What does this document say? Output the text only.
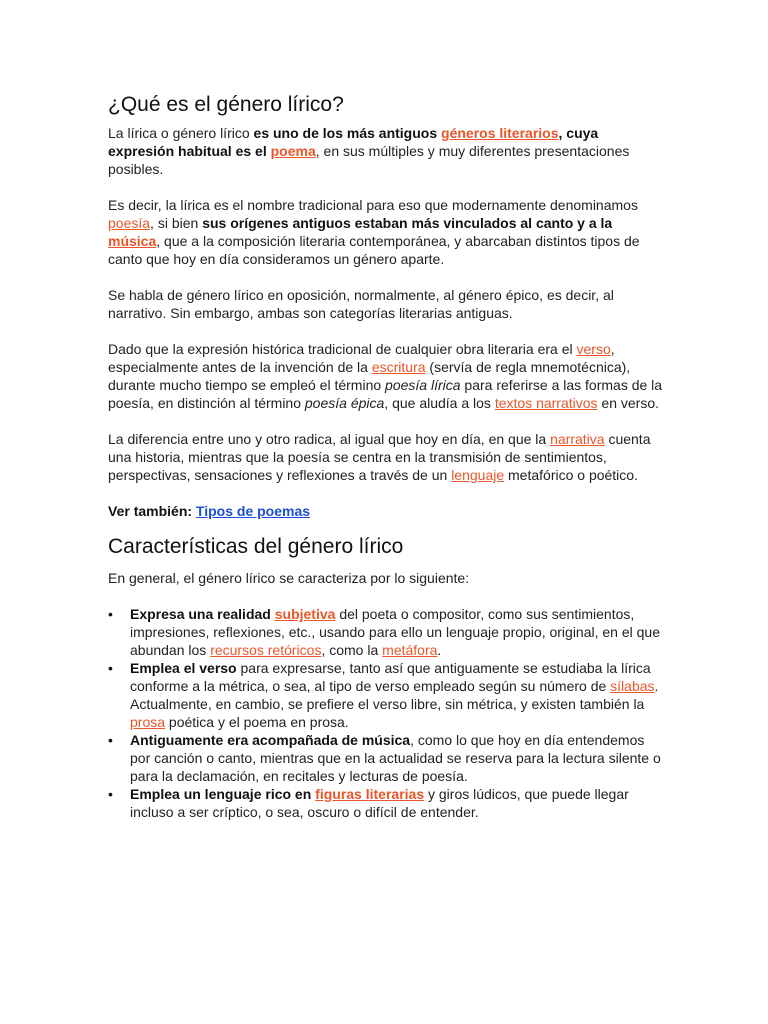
¿Qué es el género lírico?

La lírica o género lírico es uno de los más antiguos géneros literarios, cuya expresión habitual es el poema, en sus múltiples y muy diferentes presentaciones posibles.

Es decir, la lírica es el nombre tradicional para eso que modernamente denominamos poesía, si bien sus orígenes antiguos estaban más vinculados al canto y a la música, que a la composición literaria contemporánea, y abarcaban distintos tipos de canto que hoy en día consideramos un género aparte.

Se habla de género lírico en oposición, normalmente, al género épico, es decir, al narrativo. Sin embargo, ambas son categorías literarias antiguas.

Dado que la expresión histórica tradicional de cualquier obra literaria era el verso, especialmente antes de la invención de la escritura (servía de regla mnemotécnica), durante mucho tiempo se empleó el término poesía lírica para referirse a las formas de la poesía, en distinción al término poesía épica, que aludía a los textos narrativos en verso.

La diferencia entre uno y otro radica, al igual que hoy en día, en que la narrativa cuenta una historia, mientras que la poesía se centra en la transmisión de sentimientos, perspectivas, sensaciones y reflexiones a través de un lenguaje metafórico o poético.

Ver también: Tipos de poemas

Características del género lírico

En general, el género lírico se caracteriza por lo siguiente:

• Expresa una realidad subjetiva del poeta o compositor, como sus sentimientos, impresiones, reflexiones, etc., usando para ello un lenguaje propio, original, en el que abundan los recursos retóricos, como la metáfora.
• Emplea el verso para expresarse, tanto así que antiguamente se estudiaba la lírica conforme a la métrica, o sea, al tipo de verso empleado según su número de sílabas. Actualmente, en cambio, se prefiere el verso libre, sin métrica, y existen también la prosa poética y el poema en prosa.
• Antiguamente era acompañada de música, como lo que hoy en día entendemos por canción o canto, mientras que en la actualidad se reserva para la lectura silente o para la declamación, en recitales y lecturas de poesía.
• Emplea un lenguaje rico en figuras literarias y giros lúdicos, que puede llegar incluso a ser críptico, o sea, oscuro o difícil de entender.
